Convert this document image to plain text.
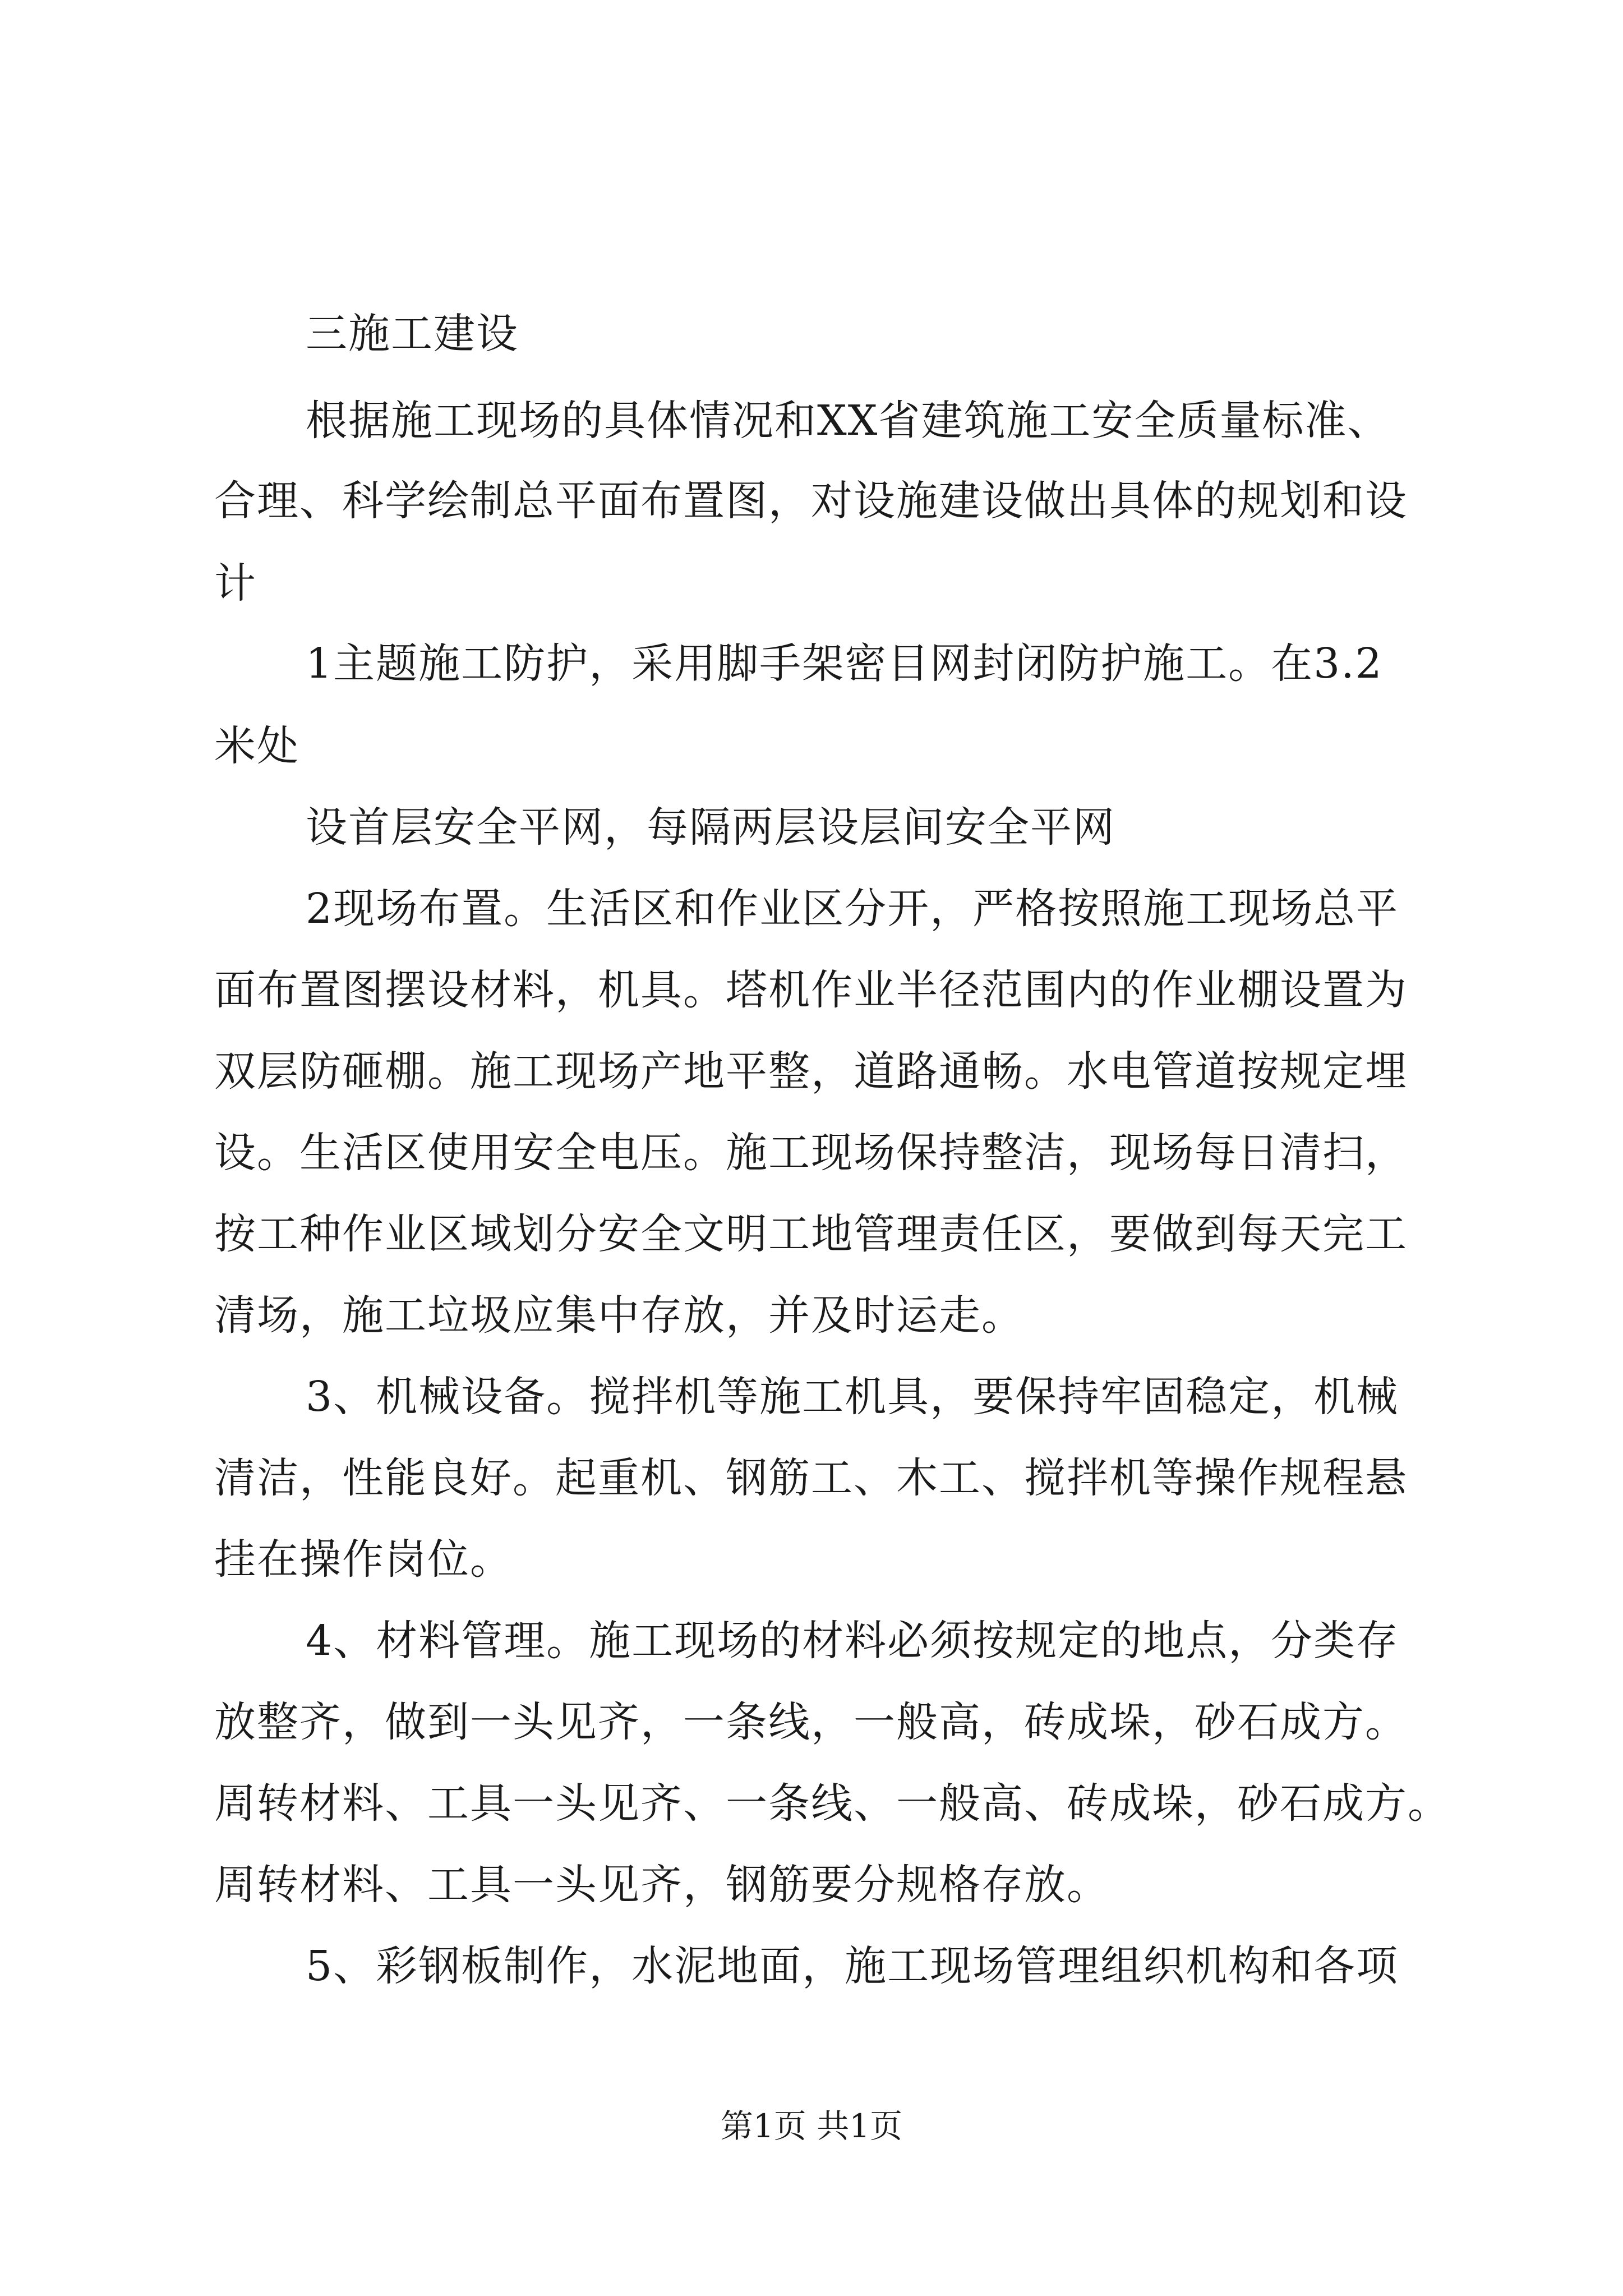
三施工建设
根据施工现场的具体情况和XX省建筑施工安全质量标准、
合理、科学绘制总平面布置图，对设施建设做出具体的规划和设
计
1主题施工防护，采用脚手架密目网封闭防护施工。在3.2
米处
设首层安全平网，每隔两层设层间安全平网
2现场布置。生活区和作业区分开，严格按照施工现场总平
面布置图摆设材料，机具。塔机作业半径范围内的作业棚设置为
双层防砸棚。施工现场产地平整，道路通畅。水电管道按规定埋
设。生活区使用安全电压。施工现场保持整洁，现场每日清扫，
按工种作业区域划分安全文明工地管理责任区，要做到每天完工
清场，施工垃圾应集中存放，并及时运走。
3、机械设备。搅拌机等施工机具，要保持牢固稳定，机械
清洁，性能良好。起重机、钢筋工、木工、搅拌机等操作规程悬
挂在操作岗位。
4、材料管理。施工现场的材料必须按规定的地点，分类存
放整齐，做到一头见齐，一条线，一般高，砖成垛，砂石成方。
周转材料、工具一头见齐、一条线、一般高、砖成垛，砂石成方。
周转材料、工具一头见齐，钢筋要分规格存放。
5、彩钢板制作，水泥地面，施工现场管理组织机构和各项
第1页 共1页
